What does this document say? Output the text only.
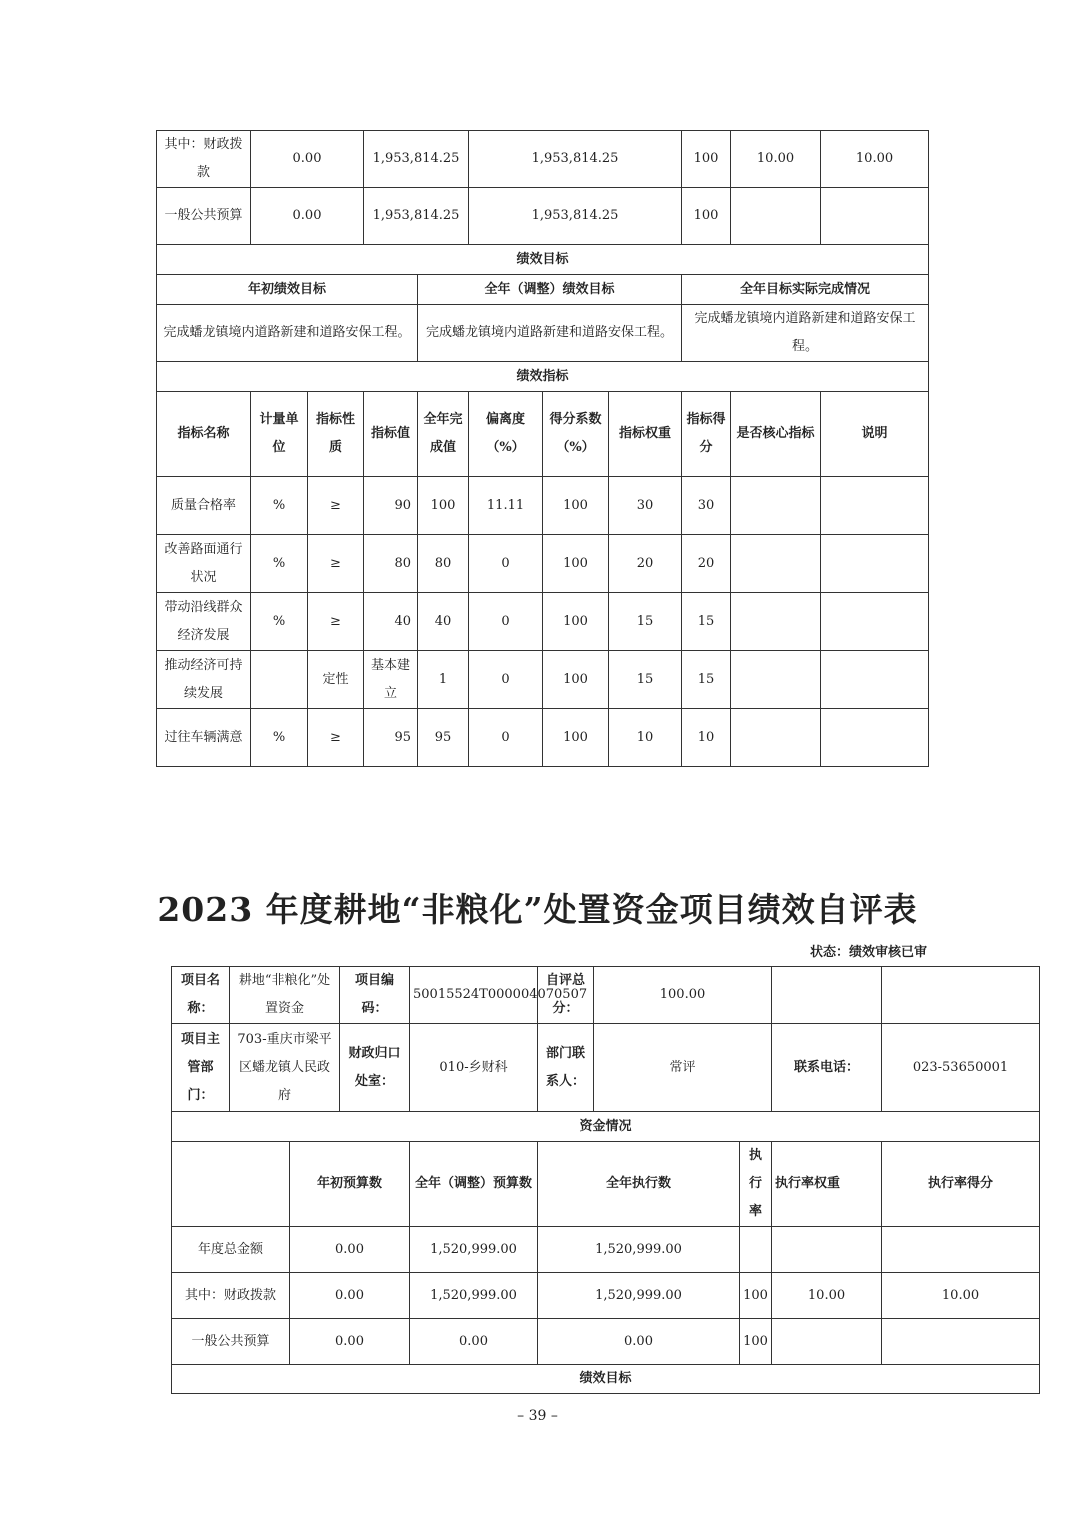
其中：财政拨款	0.00		1,953,814.25		1,953,814.25			100	10.00	10.00
一般公共预算	0.00		1,953,814.25		1,953,814.25			100		
绩效目标										
年初绩效目标				全年（调整）绩效目标				全年目标实际完成情况		
完成蟠龙镇境内道路新建和道路安保工程。				完成蟠龙镇境内道路新建和道路安保工程。				完成蟠龙镇境内道路新建和道路安保工程。		
绩效指标										
指标名称	计量单位	指标性质	指标值	全年完成值	偏离度（%）	得分系数（%）	指标权重	指标得分	是否核心指标	说明
质量合格率	%	≥	90	100	11.11	100	30	30		
改善路面通行状况	%	≥	80	80	0	100	20	20		
带动沿线群众经济发展	%	≥	40	40	0	100	15	15		
推动经济可持续发展		定性	基本建立	1	0	100	15	15		
过往车辆满意	%	≥	95	95	0	100	10	10		
2023 年度耕地“非粮化”处置资金项目绩效自评表
状态：绩效审核已审
项目名称：	耕地“非粮化”处置资金		项目编码：	50015524T000004070507	自评总分：	100.00			
项目主管部门：	703-重庆市梁平区蟠龙镇人民政府		财政归口处室：	010-乡财科	部门联系人：	常评		联系电话：	023-53650001
资金情况									
		年初预算数		全年（调整）预算数	全年执行数		执行率	执行率权重	执行率得分
年度总金额		0.00		1,520,999.00	1,520,999.00				
其中：财政拨款		0.00		1,520,999.00	1,520,999.00		100	10.00	10.00
一般公共预算		0.00		0.00	0.00		100		
绩效目标									
– 39 –
